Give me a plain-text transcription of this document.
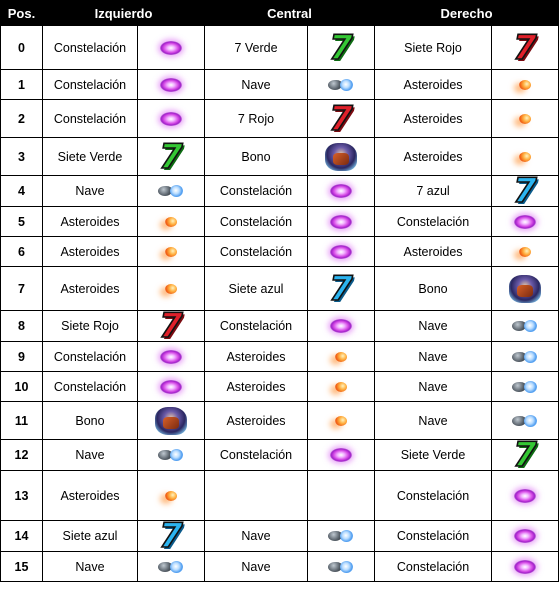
Pos.	Izquierdo		Central		Derecho	
0	Constelación		7 Verde	7	Siete Rojo	7
1	Constelación		Nave		Asteroides	
2	Constelación		7 Rojo	7	Asteroides	
3	Siete Verde	7	Bono		Asteroides	
4	Nave		Constelación		7 azul	7
5	Asteroides		Constelación		Constelación	
6	Asteroides		Constelación		Asteroides	
7	Asteroides		Siete azul	7	Bono	
8	Siete Rojo	7	Constelación		Nave	
9	Constelación		Asteroides		Nave	
10	Constelación		Asteroides		Nave	
11	Bono		Asteroides		Nave	
12	Nave		Constelación		Siete Verde	7
13	Asteroides				Constelación	
14	Siete azul	7	Nave		Constelación	
15	Nave		Nave		Constelación	
